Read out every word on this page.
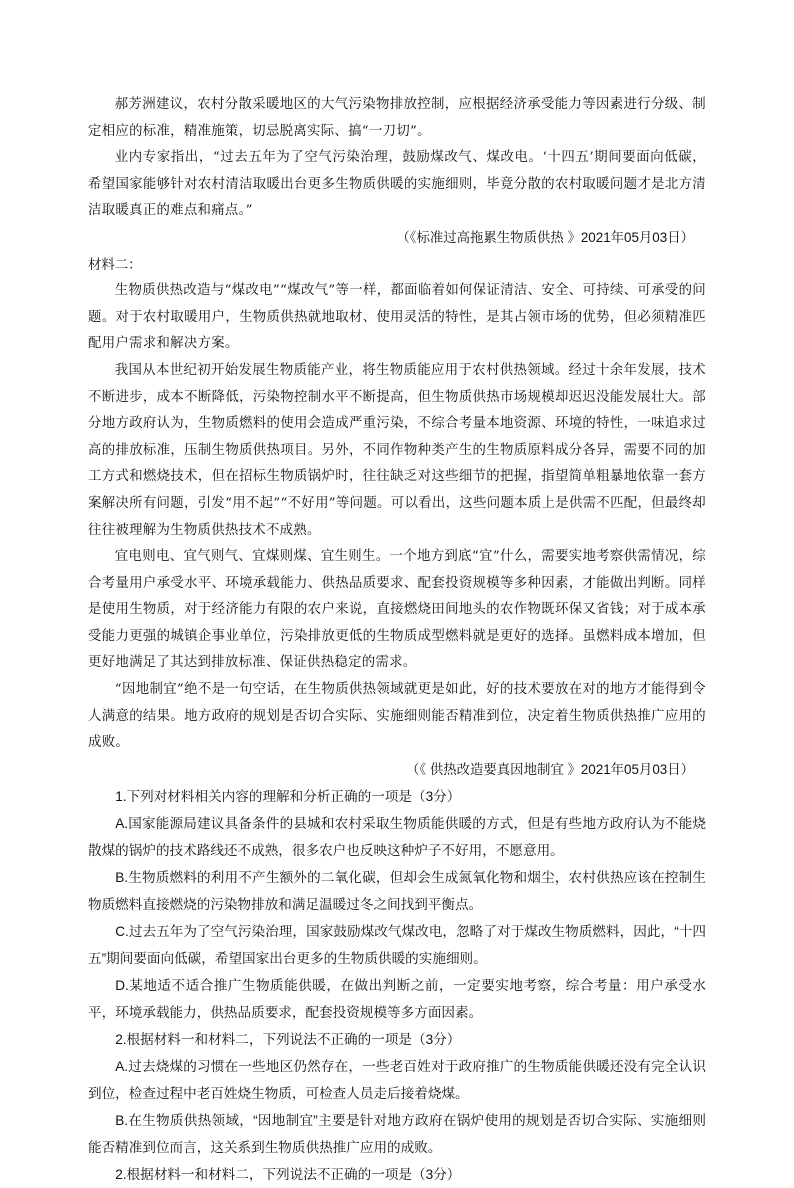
郝芳洲建议，农村分散采暖地区的大气污染物排放控制，应根据经济承受能力等因素进行分级、制定相应的标准，精准施策，切忌脱离实际、搞“一刀切”。

业内专家指出，“过去五年为了空气污染治理，鼓励煤改气、煤改电。‘十四五’期间要面向低碳，希望国家能够针对农村清洁取暖出台更多生物质供暖的实施细则，毕竟分散的农村取暖问题才是北方清洁取暖真正的难点和痛点。”

（《标准过高拖累生物质供热 》2021年05月03日）

材料二：

生物质供热改造与“煤改电”“煤改气”等一样，都面临着如何保证清洁、安全、可持续、可承受的问题。对于农村取暖用户，生物质供热就地取材、使用灵活的特性，是其占领市场的优势，但必须精准匹配用户需求和解决方案。

我国从本世纪初开始发展生物质能产业，将生物质能应用于农村供热领域。经过十余年发展，技术不断进步，成本不断降低，污染物控制水平不断提高，但生物质供热市场规模却迟迟没能发展壮大。部分地方政府认为，生物质燃料的使用会造成严重污染，不综合考量本地资源、环境的特性，一味追求过高的排放标准，压制生物质供热项目。另外，不同作物种类产生的生物质原料成分各异，需要不同的加工方式和燃烧技术，但在招标生物质锅炉时，往往缺乏对这些细节的把握，指望简单粗暴地依靠一套方案解决所有问题，引发“用不起”“不好用”等问题。可以看出，这些问题本质上是供需不匹配，但最终却往往被理解为生物质供热技术不成熟。

宜电则电、宜气则气、宜煤则煤、宜生则生。一个地方到底“宜”什么，需要实地考察供需情况，综合考量用户承受水平、环境承载能力、供热品质要求、配套投资规模等多种因素，才能做出判断。同样是使用生物质，对于经济能力有限的农户来说，直接燃烧田间地头的农作物既环保又省钱；对于成本承受能力更强的城镇企事业单位，污染排放更低的生物质成型燃料就是更好的选择。虽燃料成本增加，但更好地满足了其达到排放标准、保证供热稳定的需求。

“因地制宜”绝不是一句空话，在生物质供热领域就更是如此，好的技术要放在对的地方才能得到令人满意的结果。地方政府的规划是否切合实际、实施细则能否精准到位，决定着生物质供热推广应用的成败。

（《 供热改造要真因地制宜 》2021年05月03日）

1.下列对材料相关内容的理解和分析正确的一项是（3分）

A.国家能源局建议具备条件的县城和农村采取生物质能供暖的方式，但是有些地方政府认为不能烧散煤的锅炉的技术路线还不成熟，很多农户也反映这种炉子不好用，不愿意用。

B.生物质燃料的利用不产生额外的二氧化碳，但却会生成氮氧化物和烟尘，农村供热应该在控制生物质燃料直接燃烧的污染物排放和满足温暖过冬之间找到平衡点。

C.过去五年为了空气污染治理，国家鼓励煤改气煤改电，忽略了对于煤改生物质燃料，因此，“十四五”期间要面向低碳，希望国家出台更多的生物质供暖的实施细则。

D.某地适不适合推广生物质能供暖，在做出判断之前，一定要实地考察，综合考量：用户承受水平，环境承载能力，供热品质要求，配套投资规模等多方面因素。

2.根据材料一和材料二，下列说法不正确的一项是（3分）

A.过去烧煤的习惯在一些地区仍然存在，一些老百姓对于政府推广的生物质能供暖还没有完全认识到位，检查过程中老百姓烧生物质，可检查人员走后接着烧煤。

B.在生物质供热领域，“因地制宜”主要是针对地方政府在锅炉使用的规划是否切合实际、实施细则能否精准到位而言，这关系到生物质供热推广应用的成败。

2.根据材料一和材料二，下列说法不正确的一项是（3分）
